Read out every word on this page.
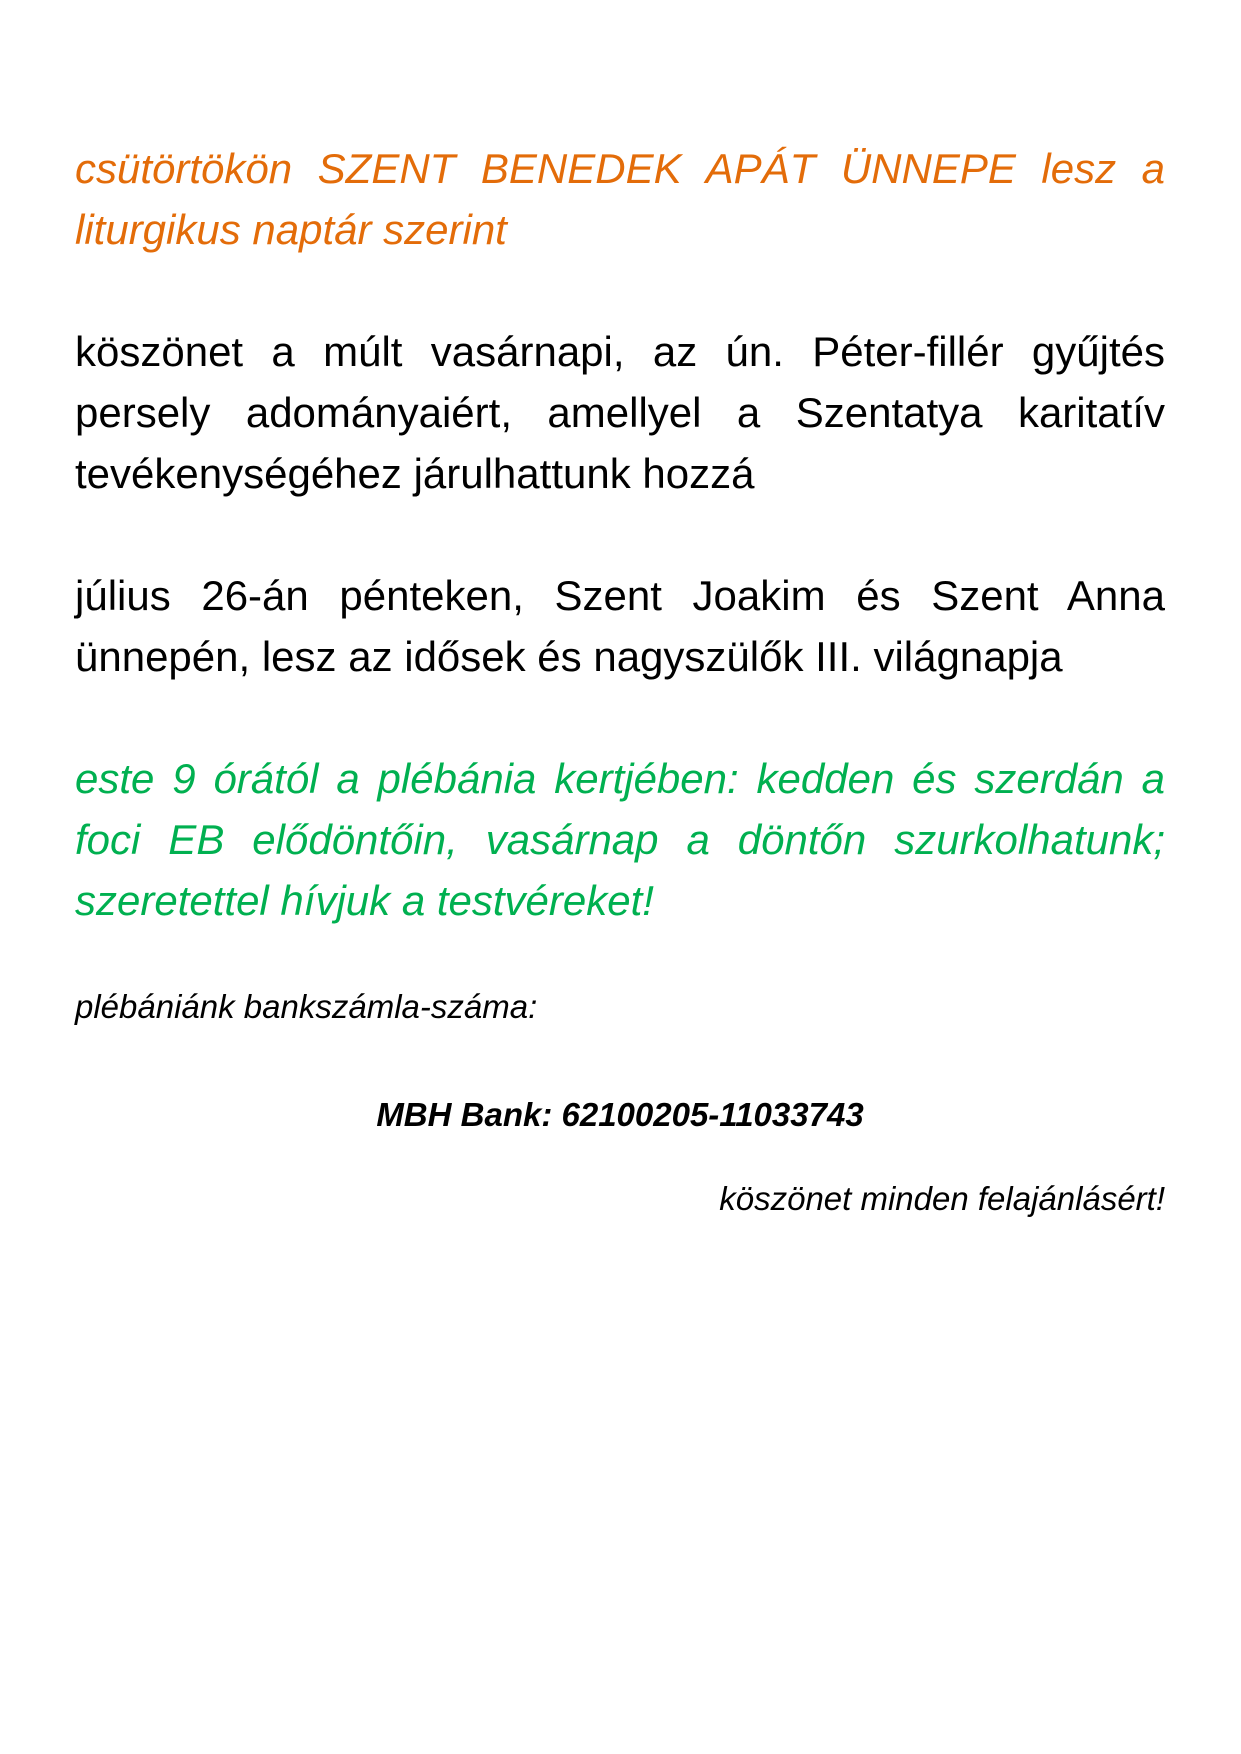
csütörtökön SZENT BENEDEK APÁT ÜNNEPE lesz a liturgikus naptár szerint

köszönet a múlt vasárnapi, az ún. Péter-fillér gyűjtés persely adományaiért, amellyel a Szentatya karitatív tevékenységéhez járulhattunk hozzá

július 26-án pénteken, Szent Joakim és Szent Anna ünnepén, lesz az idősek és nagyszülők III. világnapja

este 9 órától a plébánia kertjében: kedden és szerdán a foci EB elődöntőin, vasárnap a döntőn szurkolhatunk; szeretettel hívjuk a testvéreket!

plébániánk bankszámla-száma:

MBH Bank: 62100205-11033743

köszönet minden felajánlásért!
